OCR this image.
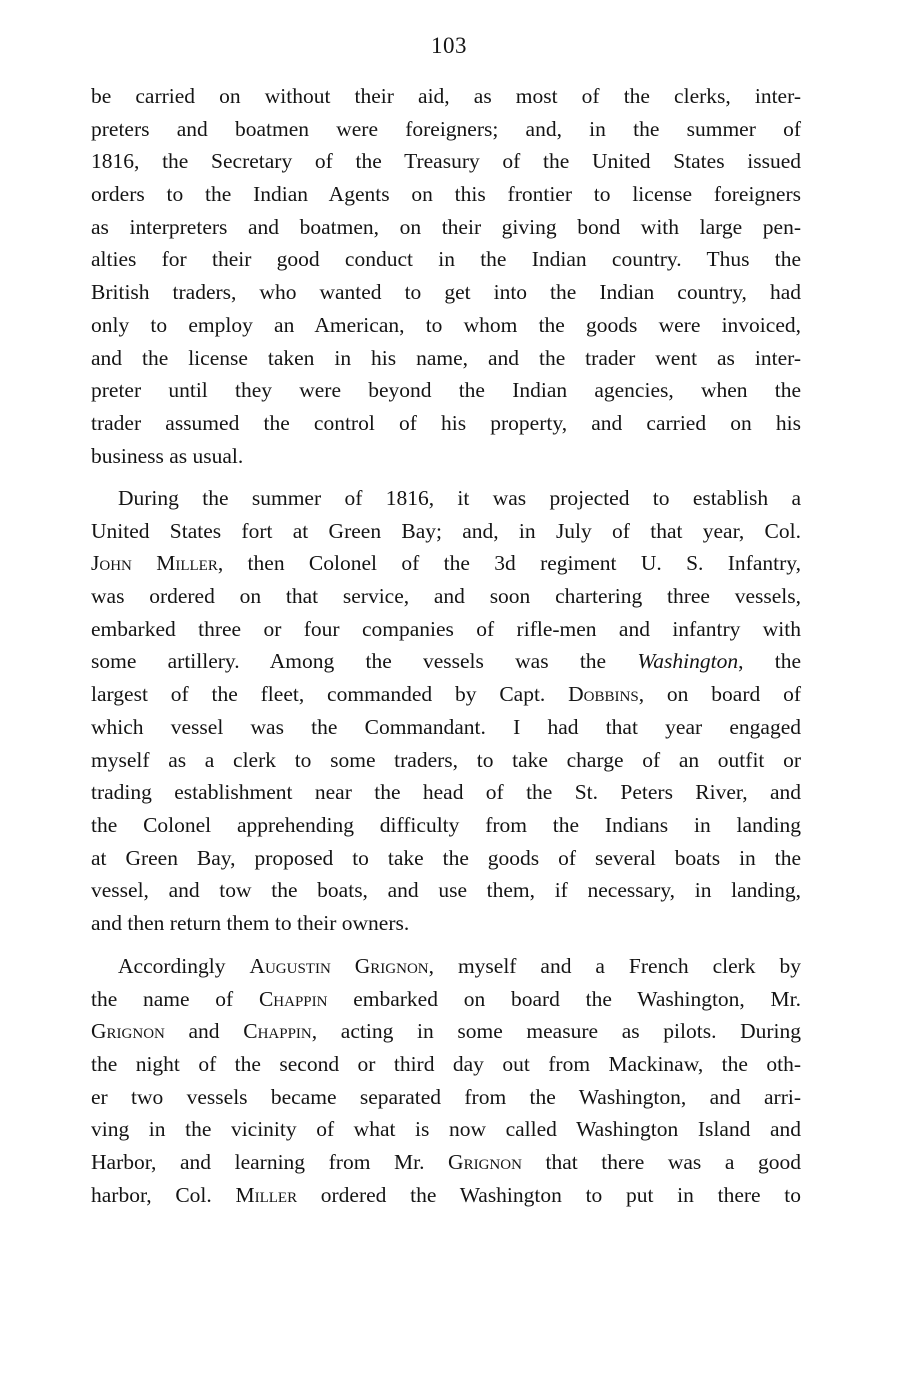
103
be carried on without their aid, as most of the clerks, inter-
preters and boatmen were foreigners; and, in the summer of
1816, the Secretary of the Treasury of the United States issued
orders to the Indian Agents on this frontier to license foreigners
as interpreters and boatmen, on their giving bond with large pen-
alties for their good conduct in the Indian country. Thus the
British traders, who wanted to get into the Indian country, had
only to employ an American, to whom the goods were invoiced,
and the license taken in his name, and the trader went as inter-
preter until they were beyond the Indian agencies, when the
trader assumed the control of his property, and carried on his
business as usual.
During the summer of 1816, it was projected to establish a
United States fort at Green Bay; and, in July of that year, Col.
John Miller, then Colonel of the 3d regiment U. S. Infantry,
was ordered on that service, and soon chartering three vessels,
embarked three or four companies of rifle-men and infantry with
some artillery. Among the vessels was the Washington, the
largest of the fleet, commanded by Capt. Dobbins, on board of
which vessel was the Commandant. I had that year engaged
myself as a clerk to some traders, to take charge of an outfit or
trading establishment near the head of the St. Peters River, and
the Colonel apprehending difficulty from the Indians in landing
at Green Bay, proposed to take the goods of several boats in the
vessel, and tow the boats, and use them, if necessary, in landing,
and then return them to their owners.
Accordingly Augustin Grignon, myself and a French clerk by
the name of Chappin embarked on board the Washington, Mr.
Grignon and Chappin, acting in some measure as pilots. During
the night of the second or third day out from Mackinaw, the oth-
er two vessels became separated from the Washington, and arri-
ving in the vicinity of what is now called Washington Island and
Harbor, and learning from Mr. Grignon that there was a good
harbor, Col. Miller ordered the Washington to put in there to
